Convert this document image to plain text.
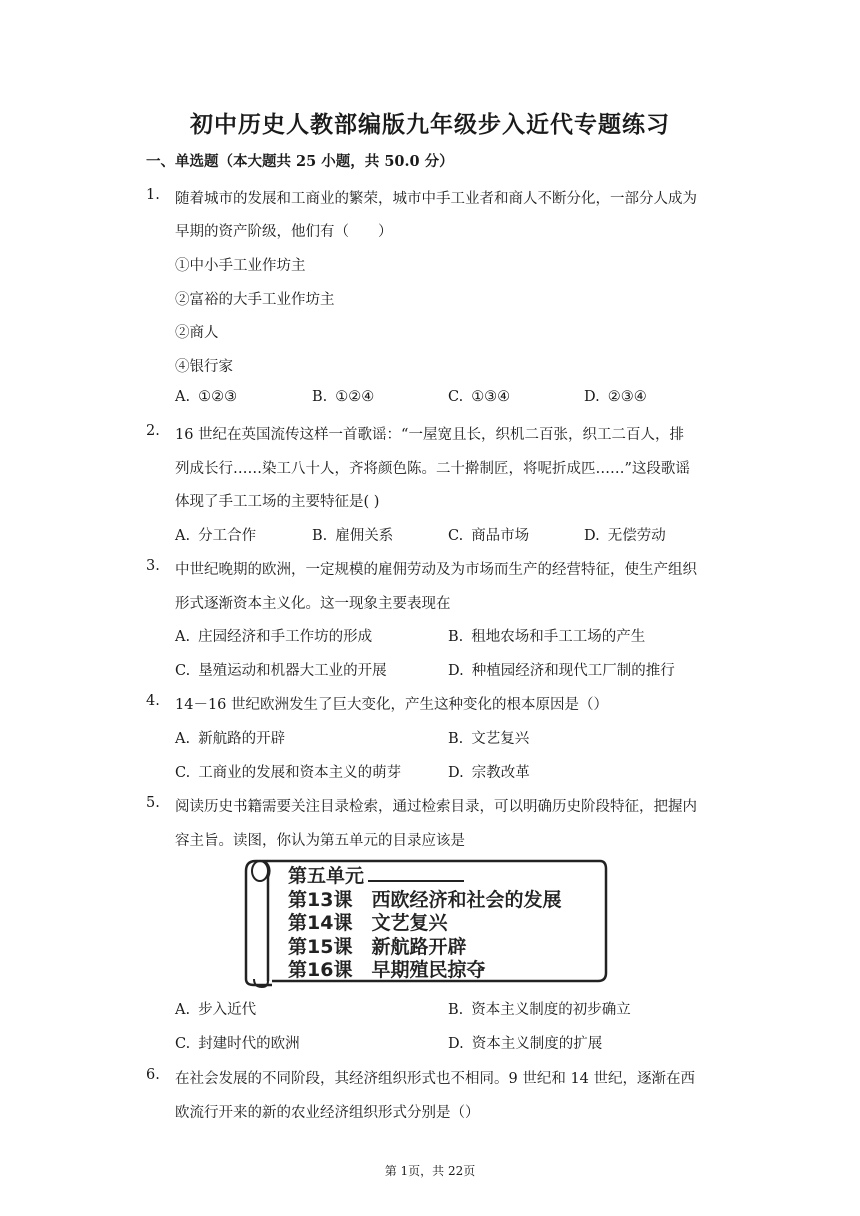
初中历史人教部编版九年级步入近代专题练习
一、单选题（本大题共 25 小题，共 50.0 分）
1.	随着城市的发展和工商业的繁荣，城市中手工业者和商人不断分化，一部分人成为
早期的资产阶级，他们有（　　）
①中小手工业作坊主
②富裕的大手工业作坊主
②商人
④银行家
A. ①②③	B. ①②④	C. ①③④	D. ②③④
2.	16 世纪在英国流传这样一首歌谣：“一屋宽且长，织机二百张，织工二百人，排
列成长行……染工八十人，齐将颜色陈。二十擀制匠，将呢折成匹……”这段歌谣
体现了手工工场的主要特征是( )
A. 分工合作	B. 雇佣关系	C. 商品市场	D. 无偿劳动
3.	中世纪晚期的欧洲，一定规模的雇佣劳动及为市场而生产的经营特征，使生产组织
形式逐渐资本主义化。这一现象主要表现在
A. 庄园经济和手工作坊的形成	B. 租地农场和手工工场的产生
C. 垦殖运动和机器大工业的开展	D. 种植园经济和现代工厂制的推行
4.	14－16 世纪欧洲发生了巨大变化，产生这种变化的根本原因是（）
A. 新航路的开辟	B. 文艺复兴
C. 工商业的发展和资本主义的萌芽	D. 宗教改革
5.	阅读历史书籍需要关注目录检索，通过检索目录，可以明确历史阶段特征，把握内
容主旨。读图，你认为第五单元的目录应该是
第五单元
第13课　西欧经济和社会的发展
第14课　文艺复兴
第15课　新航路开辟
第16课　早期殖民掠夺
A. 步入近代	B. 资本主义制度的初步确立
C. 封建时代的欧洲	D. 资本主义制度的扩展
6.	在社会发展的不同阶段，其经济组织形式也不相同。9 世纪和 14 世纪，逐渐在西
欧流行开来的新的农业经济组织形式分别是（）
第 1页，共 22页
